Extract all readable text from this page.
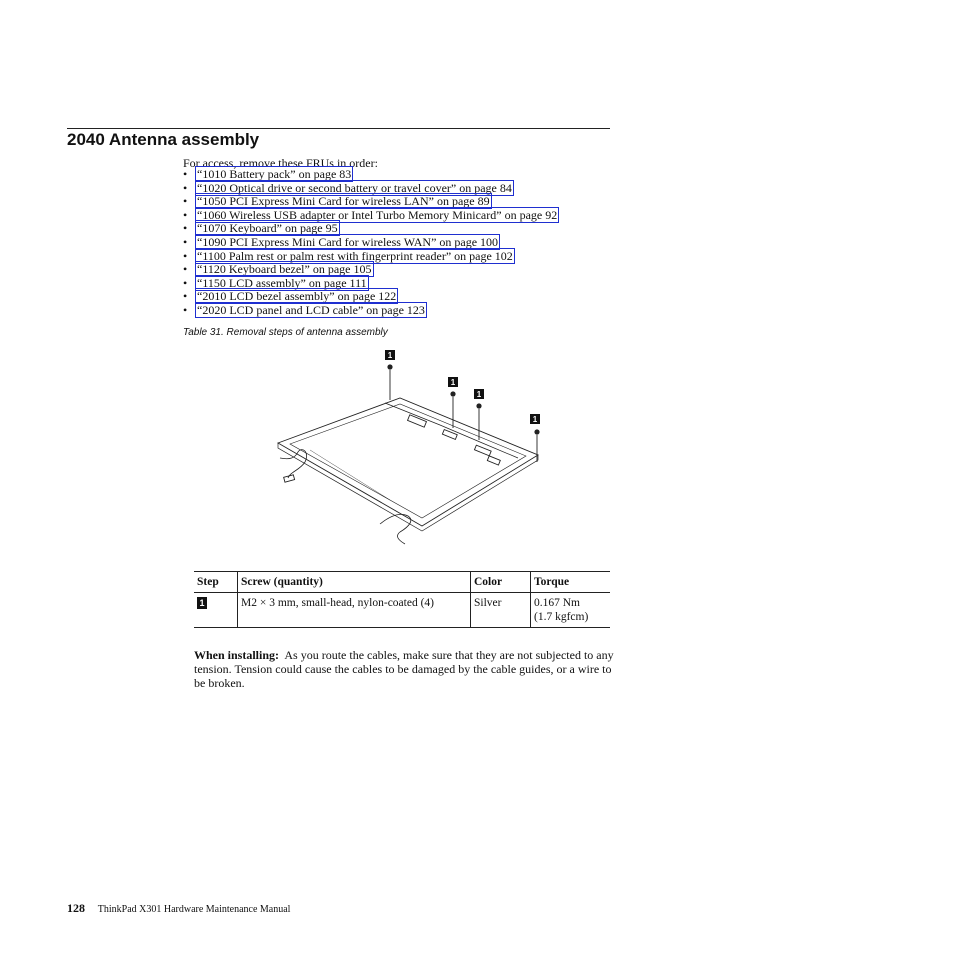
2040 Antenna assembly
For access, remove these FRUs in order:
• “1010 Battery pack” on page 83
• “1020 Optical drive or second battery or travel cover” on page 84
• “1050 PCI Express Mini Card for wireless LAN” on page 89
• “1060 Wireless USB adapter or Intel Turbo Memory Minicard” on page 92
• “1070 Keyboard” on page 95
• “1090 PCI Express Mini Card for wireless WAN” on page 100
• “1100 Palm rest or palm rest with fingerprint reader” on page 102
• “1120 Keyboard bezel” on page 105
• “1150 LCD assembly” on page 111
• “2010 LCD bezel assembly” on page 122
• “2020 LCD panel and LCD cable” on page 123
Table 31. Removal steps of antenna assembly
1
1
1
1
Step	Screw (quantity)	Color	Torque
1	M2 × 3 mm, small-head, nylon-coated (4)	Silver	0.167 Nm
(1.7 kgfcm)
When installing: As you route the cables, make sure that they are not subjected to any tension. Tension could cause the cables to be damaged by the cable guides, or a wire to be broken.
128 ThinkPad X301 Hardware Maintenance Manual
